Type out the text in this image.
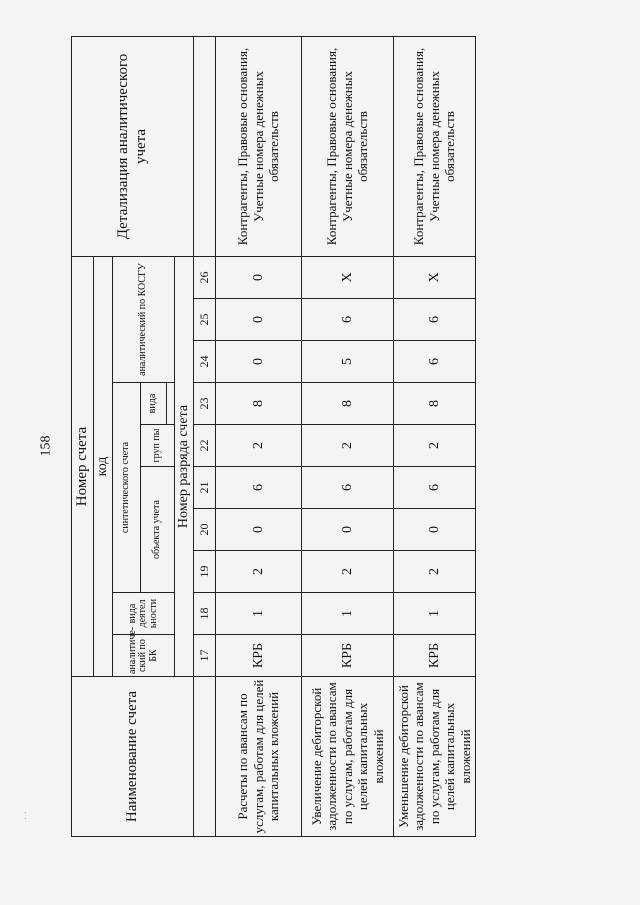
158
· ·	Наименование счета	Номер счета										Детализация аналитического учета
	код										
	аналитический по БК	вида деятел ьности	синтетического счета					аналитический по КОСГУ			
			объекта учета			груп пы	вида				

	Номер разряда счета										
	17	18	19	20	21	22	23	24	25	26	
Расчеты по авансам по услугам, работам для целей капитальных вложений	КРБ	1	2	0	6	2	8	0	0	0	Контрагенты, Правовые основания, Учетные номера денежных обязательств
Увеличение дебиторской задолженности по авансам по услугам, работам для целей капитальных вложений	КРБ	1	2	0	6	2	8	5	6	X	Контрагенты, Правовые основания, Учетные номера денежных обязательств
Уменьшение дебиторской задолженности по авансам по услугам, работам для целей капитальных вложений	КРБ	1	2	0	6	2	8	6	6	X	Контрагенты, Правовые основания, Учетные номера денежных обязательств
